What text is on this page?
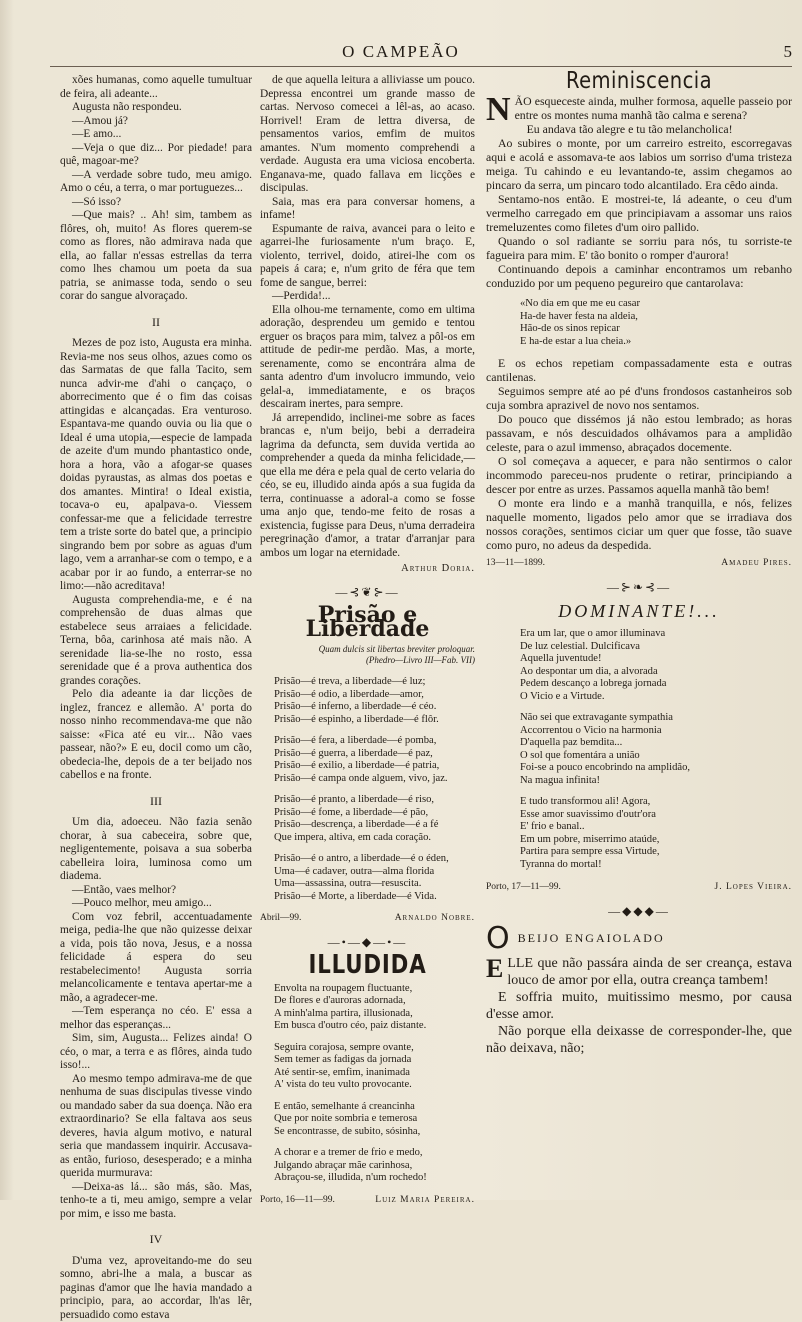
O CAMPEÃO	5

xões humanas, como aquelle tumultuar de feira, ali adeante...

Augusta não respondeu.

—Amou já?

—E amo...

—Veja o que diz... Por piedade! para quê, magoar-me?

—A verdade sobre tudo, meu amigo. Amo o céu, a terra, o mar portuguezes...

—Só isso?

—Que mais? .. Ah! sim, tambem as flôres, oh, muito! As flores querem-se como as flores, não admirava nada que ella, ao fallar n'essas estrellas da terra como lhes chamou um poeta da sua patria, se animasse toda, sendo o seu corar do sangue alvoraçado.

II

Mezes de poz isto, Augusta era minha. Revia-me nos seus olhos, azues como os das Sarmatas de que falla Tacito, sem nunca advir-me d'ahi o cançaço, o aborrecimento que é o fim das coisas attingidas e alcançadas. Era venturoso. Espantava-me quando ouvia ou lia que o Ideal é uma utopia,—especie de lampada de azeite d'um mundo phantastico onde, hora a hora, vão a afogar-se quases doidas pyraustas, as almas dos poetas e dos amantes. Mintira! o Ideal existia, tocava-o eu, apalpava-o. Viessem confessar-me que a felicidade terrestre tem a triste sorte do batel que, a principio singrando bem por sobre as aguas d'um lago, vem a arranhar-se com o tempo, e a acabar por ir ao fundo, a enterrar-se no limo:—não acreditava!

Augusta comprehendia-me, e é na comprehensão de duas almas que estabelece seus arraiaes a felicidade. Terna, bôa, carinhosa até mais não. A serenidade lia-se-lhe no rosto, essa serenidade que é a prova authentica dos grandes corações.

Pelo dia adeante ia dar licções de inglez, francez e allemão. A' porta do nosso ninho recommendava-me que não saisse: «Fica até eu vir... Não vaes passear, não?» E eu, docil como um cão, obedecia-lhe, depois de a ter beijado nos cabellos e na fronte.

III

Um dia, adoeceu. Não fazia senão chorar, à sua cabeceira, sobre que, negligentemente, poisava a sua soberba cabelleira loira, luminosa como um diadema.

—Então, vaes melhor?

—Pouco melhor, meu amigo...

Com voz febril, accentuadamente meiga, pedia-lhe que não quizesse deixar a vida, pois tão nova, Jesus, e a nossa felicidade á espera do seu restabelecimento! Augusta sorria melancolicamente e tentava apertar-me a mão, a agradecer-me.

—Tem esperança no céo. E' essa a melhor das esperanças...

Sim, sim, Augusta... Felizes ainda! O céo, o mar, a terra e as flôres, ainda tudo isso!...

Ao mesmo tempo admirava-me de que nenhuma de suas discipulas tivesse vindo ou mandado saber da sua doença. Não era extraordinario? Se ella faltava aos seus deveres, havia algum motivo, e natural seria que mandassem inquirir. Accusava-as então, furioso, desesperado; e a minha querida murmurava:

—Deixa-as lá... são más, são. Mas, tenho-te a ti, meu amigo, sempre a velar por mim, e isso me basta.

IV

D'uma vez, aproveitando-me do seu somno, abri-lhe a mala, a buscar as paginas d'amor que lhe havia mandado a principio, para, ao accordar, lh'as lêr, persuadido como estava

de que aquella leitura a alliviasse um pouco. Depressa encontrei um grande masso de cartas. Nervoso comecei a lêl-as, ao acaso. Horrivel! Eram de lettra diversa, de pensamentos varios, emfim de muitos amantes. N'um momento comprehendi a verdade. Augusta era uma viciosa encoberta. Enganava-me, quado fallava em licções e discipulas.

Saia, mas era para conversar homens, a infame!

Espumante de raiva, avancei para o leito e agarrei-lhe furiosamente n'um braço. E, violento, terrivel, doido, atirei-lhe com os papeis á cara; e, n'um grito de féra que tem fome de sangue, berrei:

—Perdida!...

Ella olhou-me ternamente, como em ultima adoração, desprendeu um gemido e tentou erguer os braços para mim, talvez a pôl-os em attitude de pedir-me perdão. Mas, a morte, serenamente, como se encontrára alma de santa adentro d'um involucro immundo, veio gelal-a, immediatamente, e os braços descairam inertes, para sempre.

Já arrependido, inclinei-me sobre as faces brancas e, n'um beijo, bebi a derradeira lagrima da defuncta, sem duvida vertida ao comprehender a queda da minha felicidade,—que ella me déra e pela qual de certo velaria do céo, se eu, illudido ainda após a sua fugida da terra, continuasse a adoral-a como se fosse uma anjo que, tendo-me feito de rosas a existencia, fugisse para Deus, n'uma derradeira peregrinação d'amor, a tratar d'arranjar para ambos um logar na eternidade.

Arthur Doria.
—⊰❦⊱—
Prisão e Liberdade
Quam dulcis sit libertas breviter proloquar.
(Phedro—Livro III—Fab. VII)
Prisão—é treva, a liberdade—é luz;
Prisão—é odio, a liberdade—amor,
Prisão—é inferno, a liberdade—é céo.
Prisão—é espinho, a liberdade—é flôr.
Prisão—é fera, a liberdade—é pomba,
Prisão—é guerra, a liberdade—é paz,
Prisão—é exilio, a liberdade—é patria,
Prisão—é campa onde alguem, vivo, jaz.
Prisão—é pranto, a liberdade—é riso,
Prisão—é fome, a liberdade—é pão,
Prisão—descrença, a liberdade—é a fé
Que impera, altiva, em cada coração.
Prisão—é o antro, a liberdade—é o éden,
Uma—é cadaver, outra—alma florida
Uma—assassina, outra—resuscita.
Prisão—é Morte, a liberdade—é Vida.
Abril—99.	Arnaldo Nobre.
—•—◆—•—
ILLUDIDA
Envolta na roupagem fluctuante,
De flores e d'auroras adornada,
A minh'alma partira, illusionada,
Em busca d'outro céo, paiz distante.
Seguira corajosa, sempre ovante,
Sem temer as fadigas da jornada
Até sentir-se, emfim, inanimada
A' vista do teu vulto provocante.
E então, semelhante á creancinha
Que por noite sombria e temerosa
Se encontrasse, de subito, sósinha,
A chorar e a tremer de frio e medo,
Julgando abraçar mãe carinhosa,
Abraçou-se, illudida, n'um rochedo!
Porto, 16—11—99.	Luiz Maria Pereira.
Reminiscencia
N ÃO esqueceste ainda, mulher formosa, aquelle passeio por entre os montes numa manhã tão calma e serena?

Eu andava tão alegre e tu tão melancholica!

Ao subires o monte, por um carreiro estreito, escorregavas aqui e acolá e assomava-te aos labios um sorriso d'uma tristeza meiga. Tu cahindo e eu levantando-te, assim chegamos ao pincaro da serra, um pincaro todo alcantilado. Era cêdo ainda.

Sentamo-nos então. E mostrei-te, lá adeante, o ceu d'um vermelho carregado em que principiavam a assomar uns raios tremeluzentes como filetes d'um oiro pallido.

Quando o sol radiante se sorriu para nós, tu sorriste-te fagueira para mim. E' tão bonito o romper d'aurora!

Continuando depois a caminhar encontramos um rebanho conduzido por um pequeno pegureiro que cantarolava:

«No dia em que me eu casar
Ha-de haver festa na aldeia,
Hão-de os sinos repicar
E ha-de estar a lua cheia.»

E os echos repetiam compassadamente esta e outras cantilenas.

Seguimos sempre até ao pé d'uns frondosos castanheiros sob cuja sombra aprazivel de novo nos sentamos.

Do pouco que dissémos já não estou lembrado; as horas passavam, e nós descuidados olhávamos para a amplidão celeste, para o azul immenso, abraçados docemente.

O sol começava a aquecer, e para não sentirmos o calor incommodo pareceu-nos prudente o retirar, principiando a descer por entre as urzes. Passamos aquella manhã tão bem!

O monte era lindo e a manhã tranquilla, e nós, felizes naquelle momento, ligados pelo amor que se irradiava dos nossos corações, sentimos ciciar um quer que fosse, tão suave como puro, no adeus da despedida.

13—11—1899.	Amadeu Pires.
—⊱❧⊰—
DOMINANTE!...
Era um lar, que o amor illuminava
De luz celestial. Dulcificava
Aquella juventude!
Ao despontar um dia, a alvorada
Pedem descanço a lobrega jornada
O Vicio e a Virtude.
Não sei que extravagante sympathia
Accorrentou o Vicio na harmonia
D'aquella paz bemdita...
O sol que fomentára a união
Foi-se a pouco encobrindo na amplidão,
Na magua infinita!
E tudo transformou ali! Agora,
Esse amor suavissimo d'outr'ora
E' frio e banal..
Em um pobre, miserrimo ataúde,
Partira para sempre essa Virtude,
Tyranna do mortal!
Porto, 17—11—99.	J. Lopes Vieira.
—◆◆◆—
OBEIJO ENGAIOLADO
E LLE que não passára ainda de ser creança, estava louco de amor por ella, outra creança tambem!

E soffria muito, muitissimo mesmo, por causa d'esse amor.

Não porque ella deixasse de corresponder-lhe, que não deixava, não;
